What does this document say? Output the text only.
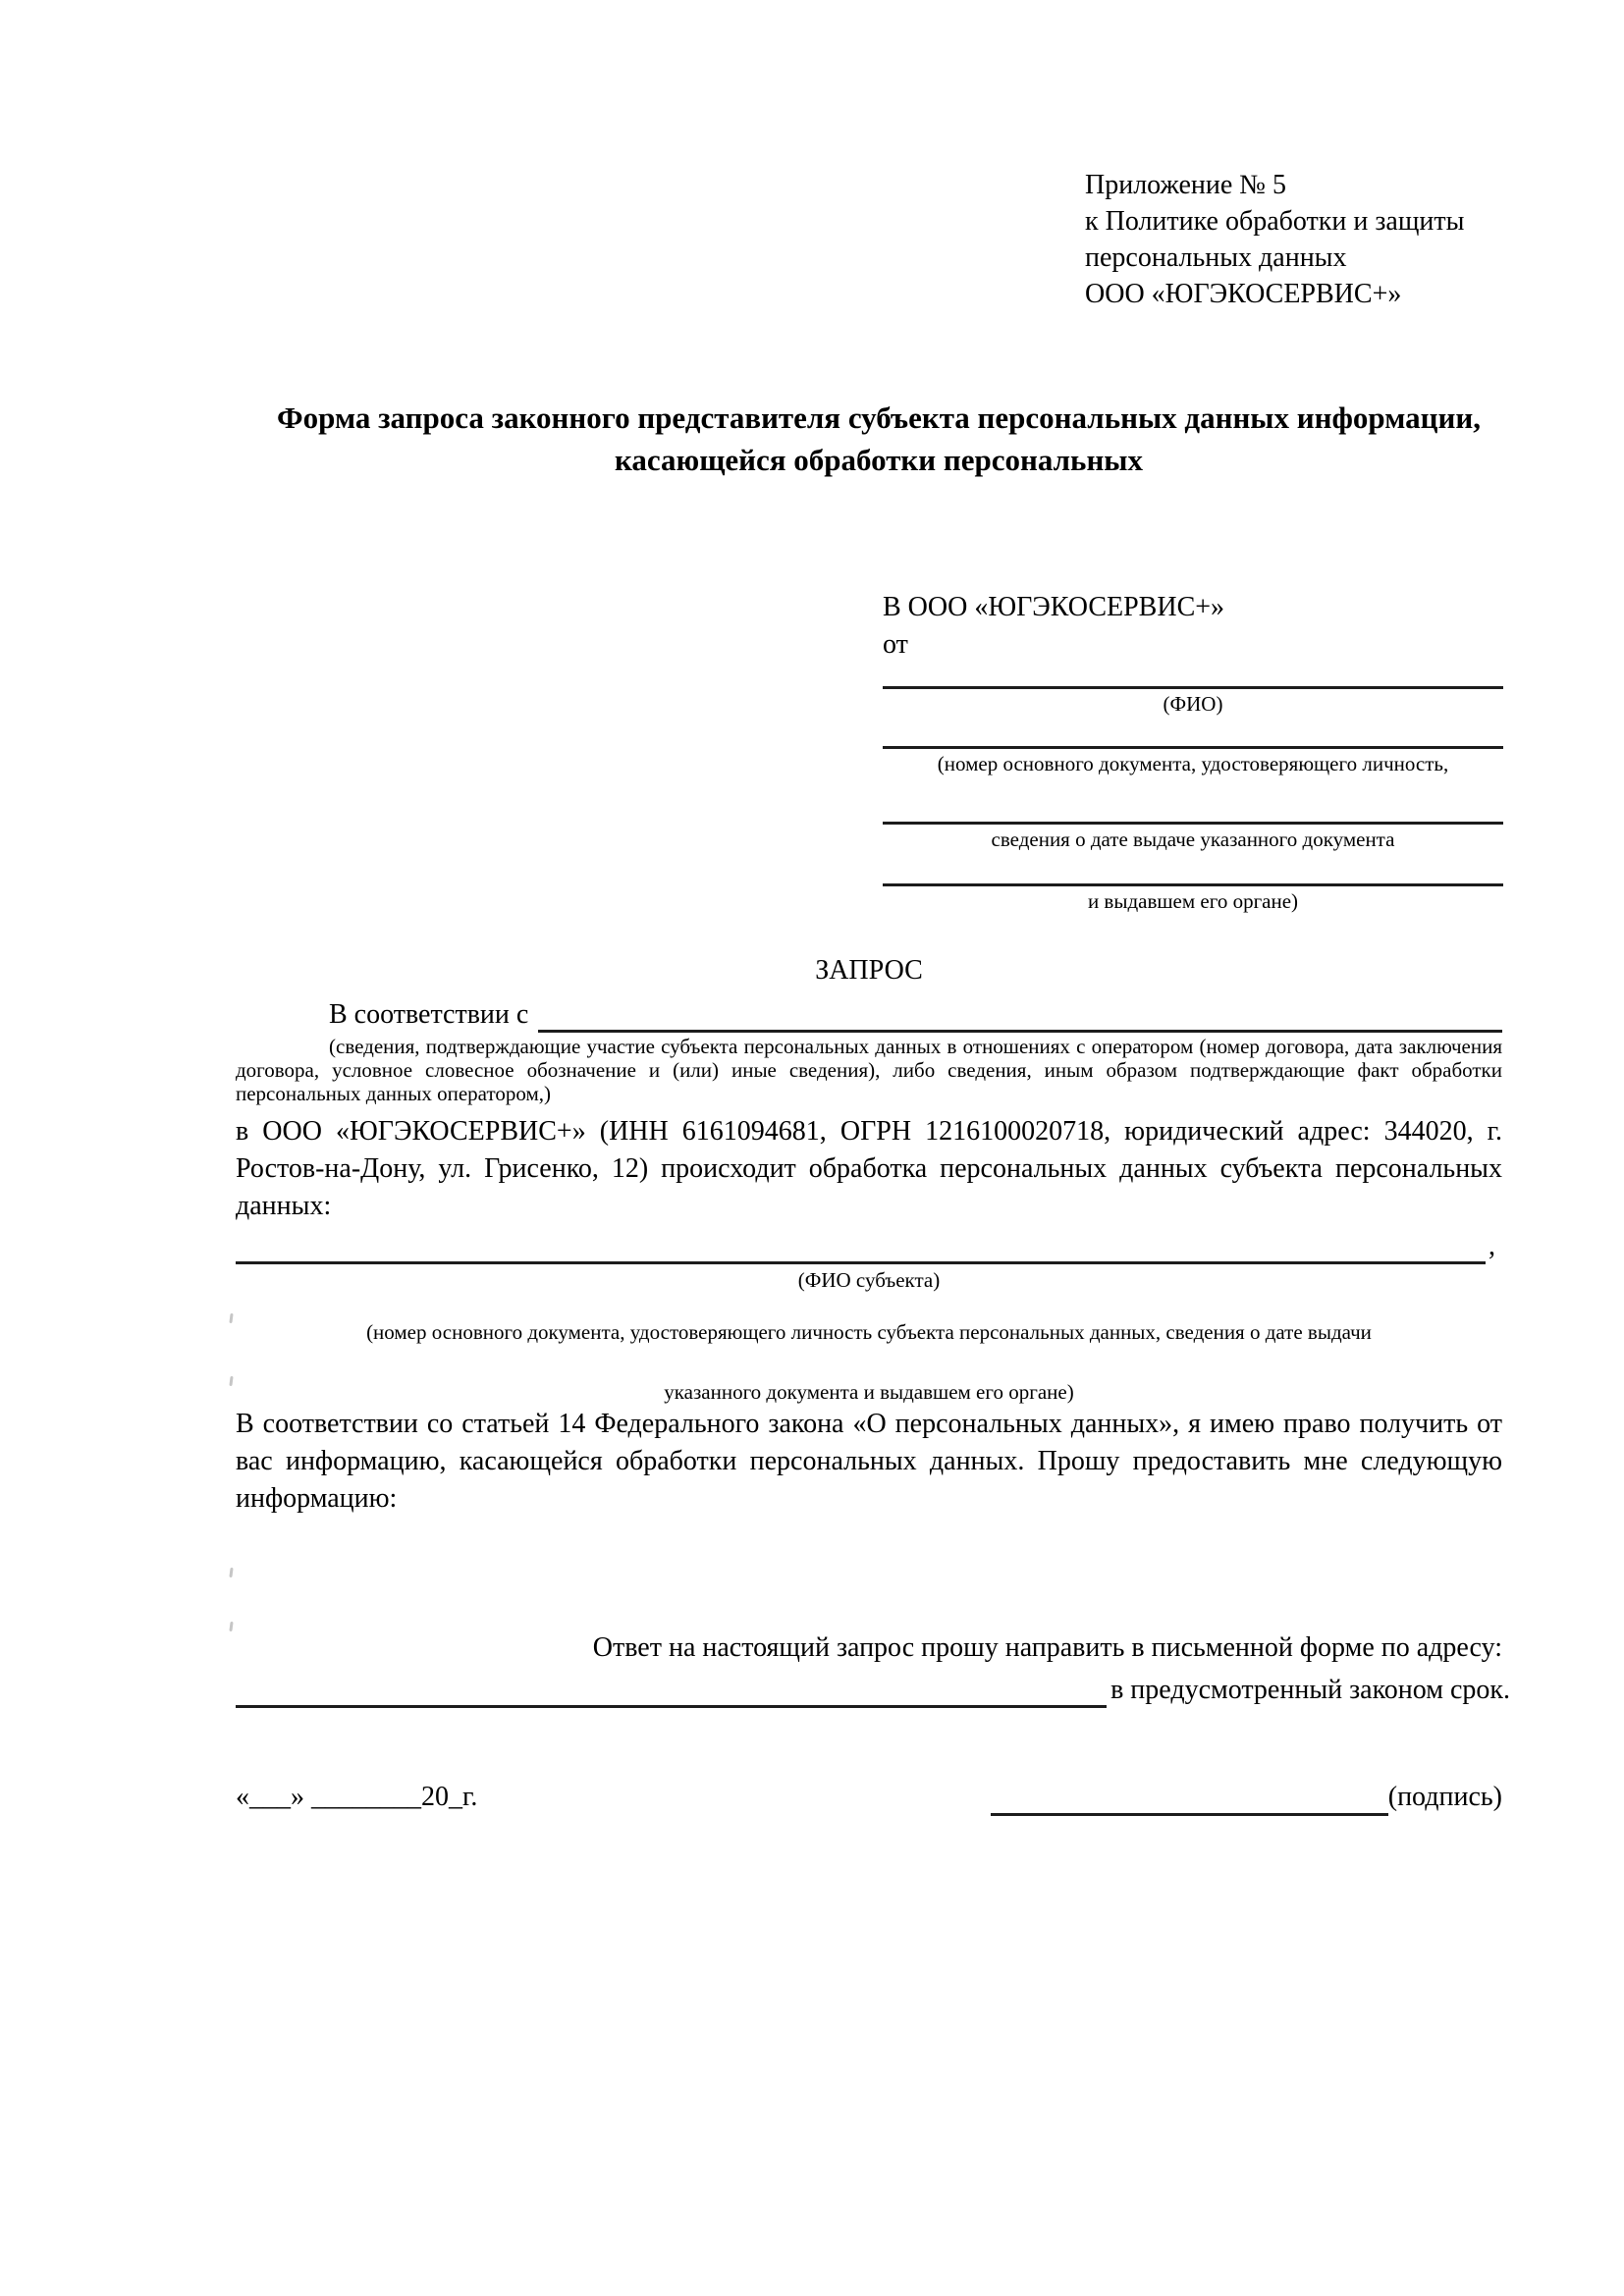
Приложение № 5
к Политике обработки и защиты
персональных данных
ООО «ЮГЭКОСЕРВИС+»
Форма запроса законного представителя субъекта персональных данных информации, касающейся обработки персональных
В ООО «ЮГЭКОСЕРВИС+»
от
(ФИО)
(номер основного документа, удостоверяющего личность,
сведения о дате выдаче указанного документа
и выдавшем его органе)
ЗАПРОС
В соответствии с
(сведения, подтверждающие участие субъекта персональных данных в отношениях с оператором (номер договора, дата заключения договора, условное словесное обозначение и (или) иные сведения), либо сведения, иным образом подтверждающие факт обработки персональных данных оператором,)
в ООО «ЮГЭКОСЕРВИС+» (ИНН 6161094681, ОГРН 1216100020718, юридический адрес: 344020, г. Ростов-на-Дону, ул. Грисенко, 12) происходит обработка персональных данных субъекта персональных данных:
,
(ФИО субъекта)
(номер основного документа, удостоверяющего личность субъекта персональных данных, сведения о дате выдачи
указанного документа и выдавшем его органе)
В соответствии со статьей 14 Федерального закона «О персональных данных», я имею право получить от вас информацию, касающейся обработки персональных данных. Прошу предоставить мне следующую информацию:
Ответ на настоящий запрос прошу направить в письменной форме по адресу:
в предусмотренный законом срок.
«___» ________20_г.	(подпись)
